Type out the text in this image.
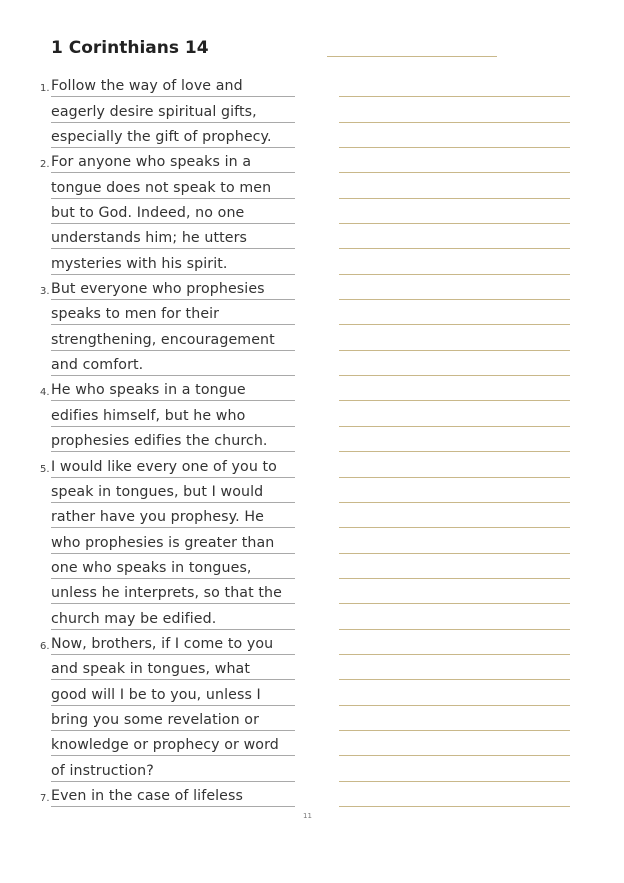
1 Corinthians 14
1. Follow the way of love and
eagerly desire spiritual gifts,
especially the gift of prophecy.
2. For anyone who speaks in a
tongue does not speak to men
but to God. Indeed, no one
understands him; he utters
mysteries with his spirit.
3. But everyone who prophesies
speaks to men for their
strengthening, encouragement
and comfort.
4. He who speaks in a tongue
edifies himself, but he who
prophesies edifies the church.
5. I would like every one of you to
speak in tongues, but I would
rather have you prophesy. He
who prophesies is greater than
one who speaks in tongues,
unless he interprets, so that the
church may be edified.
6. Now, brothers, if I come to you
and speak in tongues, what
good will I be to you, unless I
bring you some revelation or
knowledge or prophecy or word
of instruction?
7. Even in the case of lifeless
11
